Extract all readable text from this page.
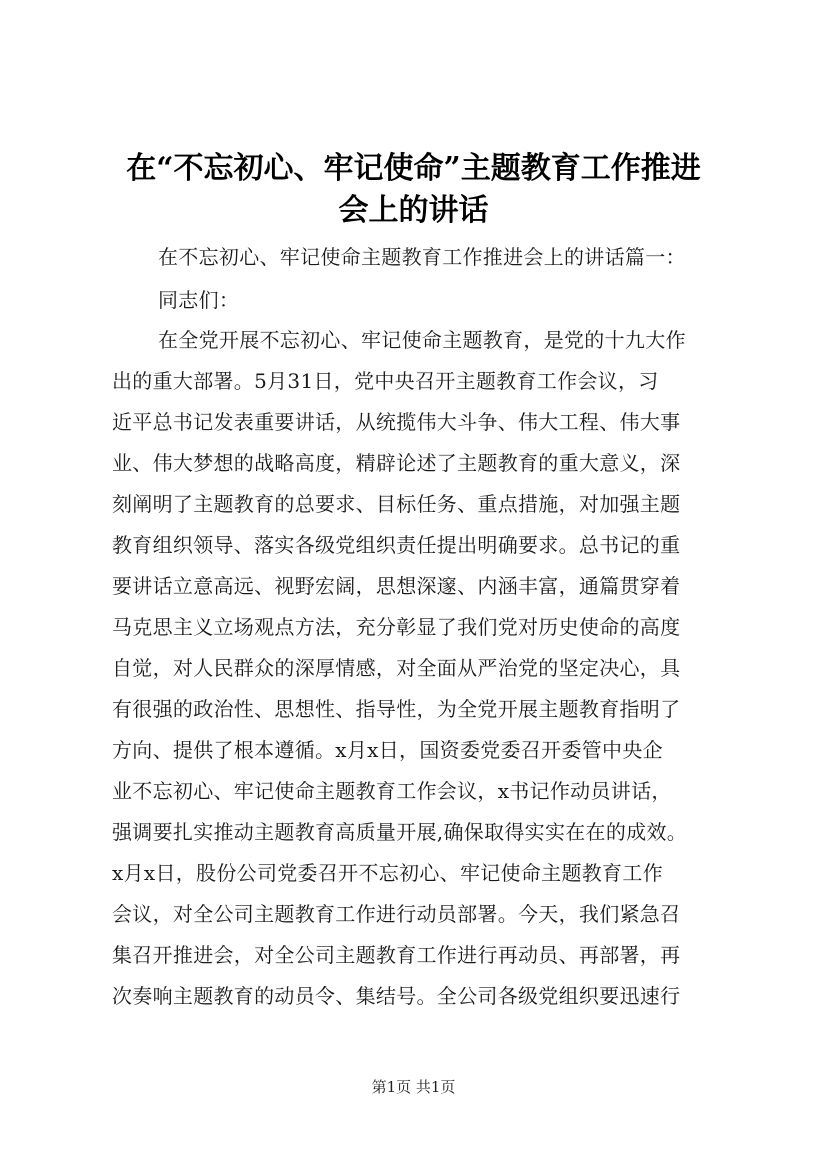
在“不忘初心、牢记使命”主题教育工作推进
会上的讲话
在不忘初心、牢记使命主题教育工作推进会上的讲话篇一：
同志们：
在全党开展不忘初心、牢记使命主题教育，是党的十九大作
出的重大部署。5月31日，党中央召开主题教育工作会议，习
近平总书记发表重要讲话，从统揽伟大斗争、伟大工程、伟大事
业、伟大梦想的战略高度，精辟论述了主题教育的重大意义，深
刻阐明了主题教育的总要求、目标任务、重点措施，对加强主题
教育组织领导、落实各级党组织责任提出明确要求。总书记的重
要讲话立意高远、视野宏阔，思想深邃、内涵丰富，通篇贯穿着
马克思主义立场观点方法，充分彰显了我们党对历史使命的高度
自觉，对人民群众的深厚情感，对全面从严治党的坚定决心，具
有很强的政治性、思想性、指导性，为全党开展主题教育指明了
方向、提供了根本遵循。x月x日，国资委党委召开委管中央企
业不忘初心、牢记使命主题教育工作会议，x书记作动员讲话，
强调要扎实推动主题教育高质量开展,确保取得实实在在的成效。
x月x日，股份公司党委召开不忘初心、牢记使命主题教育工作
会议，对全公司主题教育工作进行动员部署。今天，我们紧急召
集召开推进会，对全公司主题教育工作进行再动员、再部署，再
次奏响主题教育的动员令、集结号。全公司各级党组织要迅速行
第1页 共1页
